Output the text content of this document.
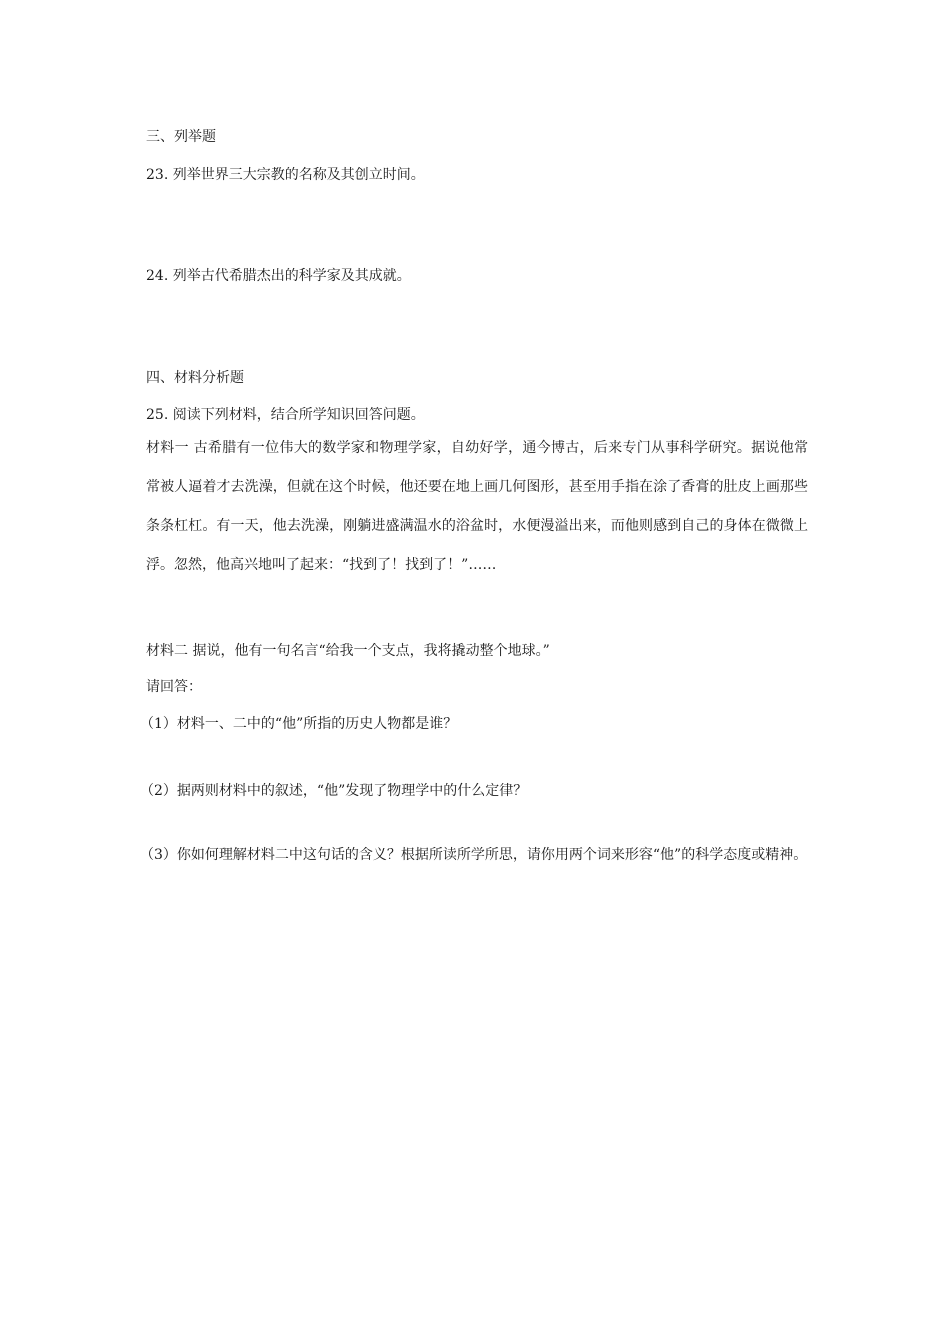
三、列举题
23. 列举世界三大宗教的名称及其创立时间。
24. 列举古代希腊杰出的科学家及其成就。
四、材料分析题
25. 阅读下列材料，结合所学知识回答问题。
材料一 古希腊有一位伟大的数学家和物理学家，自幼好学，通今博古，后来专门从事科学研究。据说他常常被人逼着才去洗澡，但就在这个时候，他还要在地上画几何图形，甚至用手指在涂了香膏的肚皮上画那些条条杠杠。有一天，他去洗澡，刚躺进盛满温水的浴盆时，水便漫溢出来，而他则感到自己的身体在微微上浮。忽然，他高兴地叫了起来：“找到了！找到了！”……
材料二 据说，他有一句名言“给我一个支点，我将撬动整个地球。”
请回答：
（1）材料一、二中的“他”所指的历史人物都是谁？
（2）据两则材料中的叙述，“他”发现了物理学中的什么定律？
（3）你如何理解材料二中这句话的含义？根据所读所学所思，请你用两个词来形容“他”的科学态度或精神。
